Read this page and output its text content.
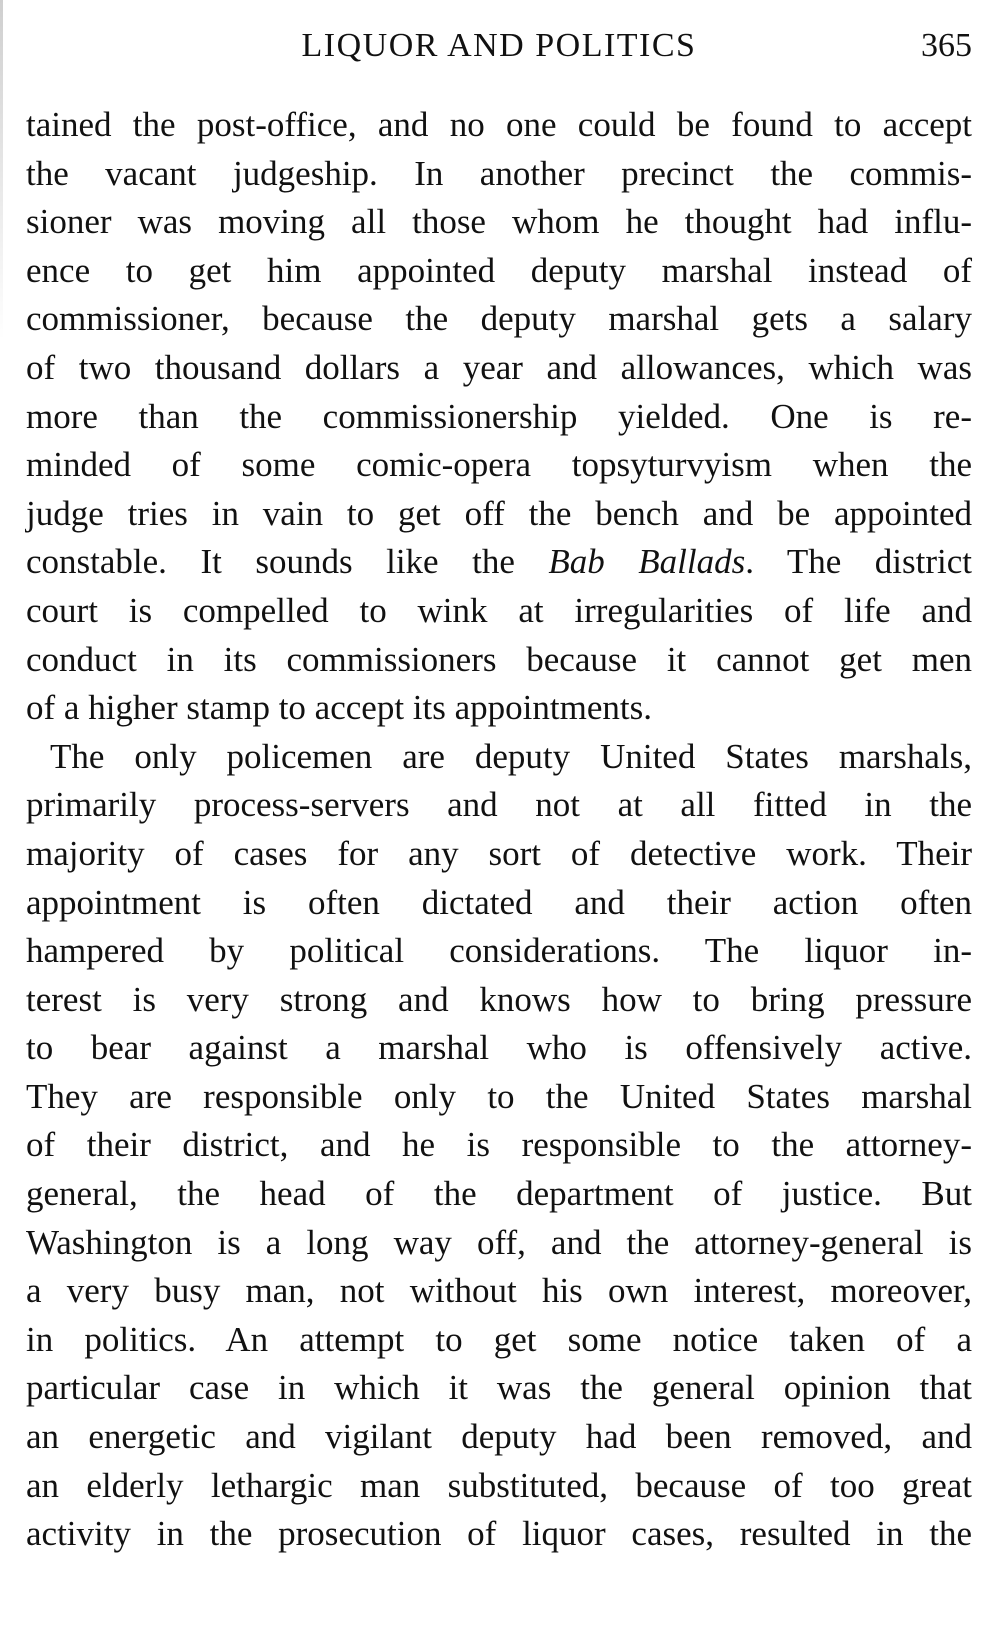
LIQUOR AND POLITICS	365
tained the post-office, and no one could be found to accept
the vacant judgeship. In another precinct the commis-
sioner was moving all those whom he thought had influ-
ence to get him appointed deputy marshal instead of
commissioner, because the deputy marshal gets a salary
of two thousand dollars a year and allowances, which was
more than the commissionership yielded. One is re-
minded of some comic-opera topsyturvyism when the
judge tries in vain to get off the bench and be appointed
constable. It sounds like the Bab Ballads. The district
court is compelled to wink at irregularities of life and
conduct in its commissioners because it cannot get men
of a higher stamp to accept its appointments.
The only policemen are deputy United States marshals,
primarily process-servers and not at all fitted in the
majority of cases for any sort of detective work. Their
appointment is often dictated and their action often
hampered by political considerations. The liquor in-
terest is very strong and knows how to bring pressure
to bear against a marshal who is offensively active.
They are responsible only to the United States marshal
of their district, and he is responsible to the attorney-
general, the head of the department of justice. But
Washington is a long way off, and the attorney-general is
a very busy man, not without his own interest, moreover,
in politics. An attempt to get some notice taken of a
particular case in which it was the general opinion that
an energetic and vigilant deputy had been removed, and
an elderly lethargic man substituted, because of too great
activity in the prosecution of liquor cases, resulted in the
